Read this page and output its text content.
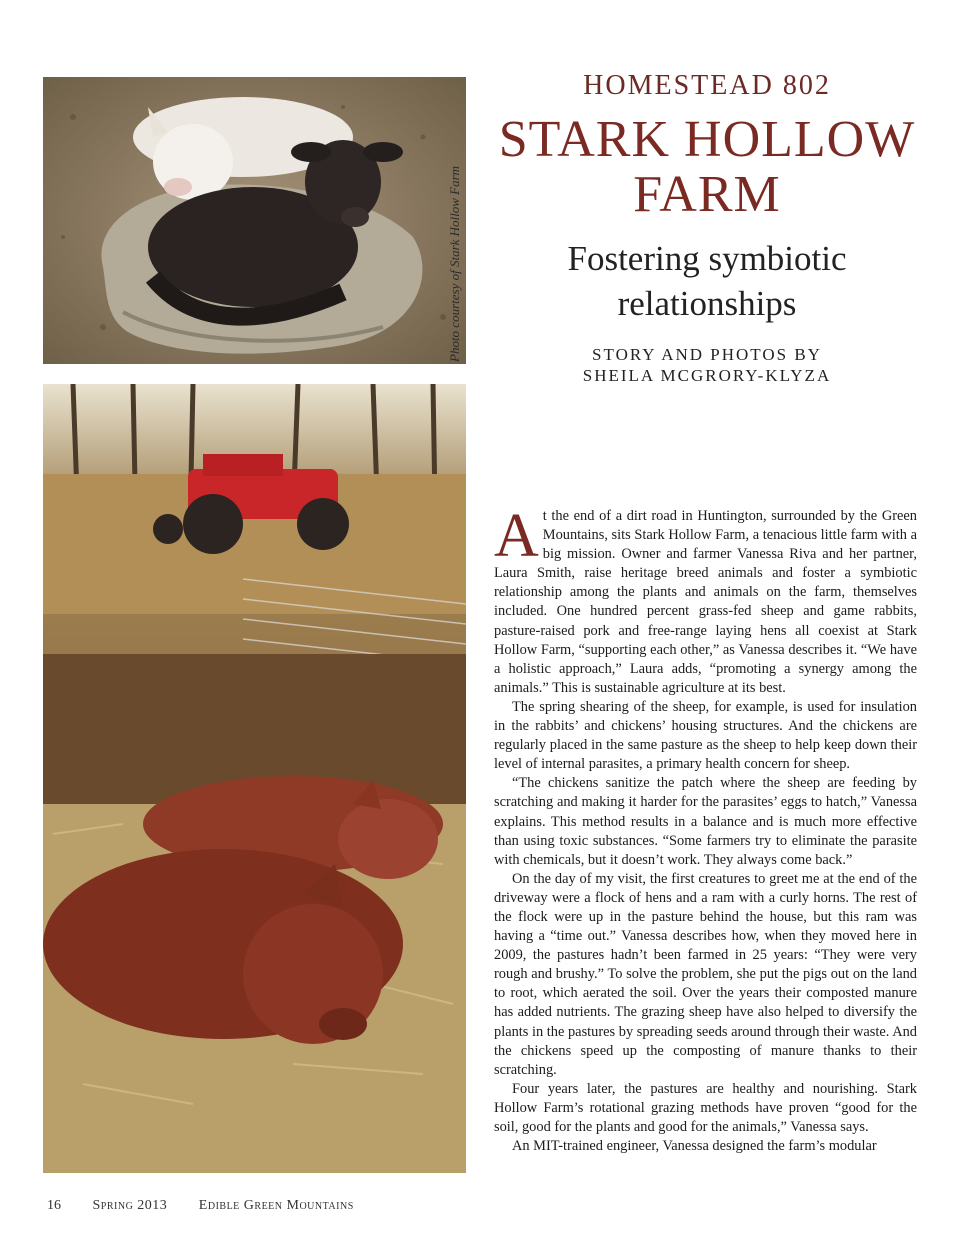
Photo courtesy of Stark Hollow Farm
HOMESTEAD 802
STARK HOLLOW
FARM
Fostering symbiotic
relationships
STORY AND PHOTOS BY
SHEILA MCGRORY-KLYZA

At the end of a dirt road in Huntington, surrounded by the Green Mountains, sits Stark Hollow Farm, a tenacious little farm with a big mission. Owner and farmer Vanessa Riva and her partner, Laura Smith, raise heritage breed animals and foster a symbiotic relationship among the plants and animals on the farm, themselves included. One hundred percent grass-fed sheep and game rabbits, pasture-raised pork and free-range laying hens all coexist at Stark Hollow Farm, “supporting each other,” as Vanessa describes it. “We have a holistic approach,” Laura adds, “promoting a synergy among the animals.” This is sustainable agriculture at its best.

The spring shearing of the sheep, for example, is used for insulation in the rabbits’ and chickens’ housing structures. And the chickens are regularly placed in the same pasture as the sheep to help keep down their level of internal parasites, a primary health concern for sheep.

“The chickens sanitize the patch where the sheep are feeding by scratching and making it harder for the parasites’ eggs to hatch,” Vanessa explains. This method results in a balance and is much more effective than using toxic substances. “Some farmers try to eliminate the parasite with chemicals, but it doesn’t work. They always come back.”

On the day of my visit, the first creatures to greet me at the end of the driveway were a flock of hens and a ram with a curly horns. The rest of the flock were up in the pasture behind the house, but this ram was having a “time out.” Vanessa describes how, when they moved here in 2009, the pastures hadn’t been farmed in 25 years: “They were very rough and brushy.” To solve the problem, she put the pigs out on the land to root, which aerated the soil. Over the years their composted manure has added nutrients. The grazing sheep have also helped to diversify the plants in the pastures by spreading seeds around through their waste. And the chickens speed up the composting of manure thanks to their scratching.

Four years later, the pastures are healthy and nourishing. Stark Hollow Farm’s rotational grazing methods have proven “good for the soil, good for the plants and good for the animals,” Vanessa says.

An MIT-trained engineer, Vanessa designed the farm’s modular

16 Spring 2013 Edible Green Mountains
